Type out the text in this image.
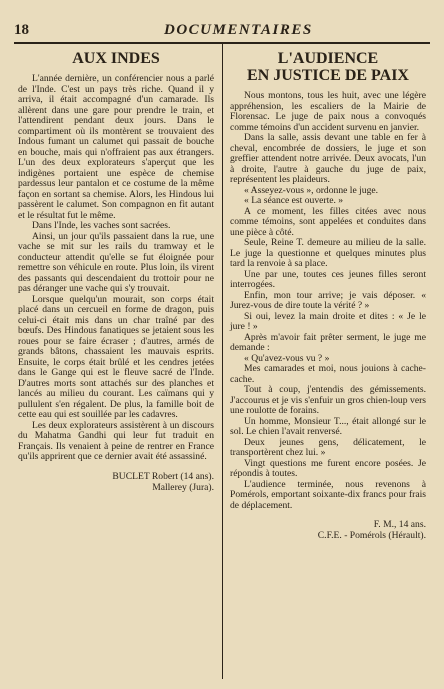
18	DOCUMENTAIRES
AUX INDES

L'année dernière, un conférencier nous a parlé de l'Inde. C'est un pays très riche. Quand il y arriva, il était accompagné d'un camarade. Ils allèrent dans une gare pour prendre le train, et l'attendirent pendant deux jours. Dans le compartiment où ils montèrent se trouvaient des Indous fumant un calumet qui passait de bouche en bouche, mais qui n'offraient pas aux étrangers. L'un des deux explorateurs s'aperçut que les indigènes portaient une espèce de chemise pardessus leur pantalon et ce costume de la même façon en sortant sa chemise. Alors, les Hindous lui passèrent le calumet. Son compagnon en fit autant et le résultat fut le même.

Dans l'Inde, les vaches sont sacrées.

Ainsi, un jour qu'ils passaient dans la rue, une vache se mit sur les rails du tramway et le conducteur attendit qu'elle se fut éloignée pour remettre son véhicule en route. Plus loin, ils virent des passants qui descendaient du trottoir pour ne pas déranger une vache qui s'y trouvait.

Lorsque quelqu'un mourait, son corps était placé dans un cercueil en forme de dragon, puis celui-ci était mis dans un char traîné par des bœufs. Des Hindous fanatiques se jetaient sous les roues pour se faire écraser ; d'autres, armés de grands bâtons, chassaient les mauvais esprits. Ensuite, le corps était brûlé et les cendres jetées dans le Gange qui est le fleuve sacré de l'Inde. D'autres morts sont attachés sur des planches et lancés au milieu du courant. Les caïmans qui y pullulent s'en régalent. De plus, la famille boit de cette eau qui est souillée par les cadavres.

Les deux explorateurs assistèrent à un discours du Mahatma Gandhi qui leur fut traduit en Français. Ils venaient à peine de rentrer en France qu'ils apprirent que ce dernier avait été assassiné.

BUCLET Robert (14 ans).
Mallerey (Jura).
L'AUDIENCE
EN JUSTICE DE PAIX

Nous montons, tous les huit, avec une légère appréhension, les escaliers de la Mairie de Florensac. Le juge de paix nous a convoqués comme témoins d'un accident survenu en janvier.

Dans la salle, assis devant une table en fer à cheval, encombrée de dossiers, le juge et son greffier attendent notre arrivée. Deux avocats, l'un à droite, l'autre à gauche du juge de paix, représentent les plaideurs.

« Asseyez-vous », ordonne le juge.

« La séance est ouverte. »

A ce moment, les filles citées avec nous comme témoins, sont appelées et conduites dans une pièce à côté.

Seule, Reine T. demeure au milieu de la salle. Le juge la questionne et quelques minutes plus tard la renvoie à sa place.

Une par une, toutes ces jeunes filles seront interrogées.

Enfin, mon tour arrive; je vais déposer. « Jurez-vous de dire toute la vérité ? »

Si oui, levez la main droite et dites : « Je le jure ! »

Après m'avoir fait prêter serment, le juge me demande :

« Qu'avez-vous vu ? »

Mes camarades et moi, nous jouions à cache-cache.

Tout à coup, j'entendis des gémissements. J'accourus et je vis s'enfuir un gros chien-loup vers une roulotte de forains.

Un homme, Monsieur T..., était allongé sur le sol. Le chien l'avait renversé.

Deux jeunes gens, délicatement, le transportèrent chez lui. »

Vingt questions me furent encore posées. Je répondis à toutes.

L'audience terminée, nous revenons à Pomérols, emportant soixante-dix francs pour frais de déplacement.

F. M., 14 ans.
C.F.E. - Pomérols (Hérault).
